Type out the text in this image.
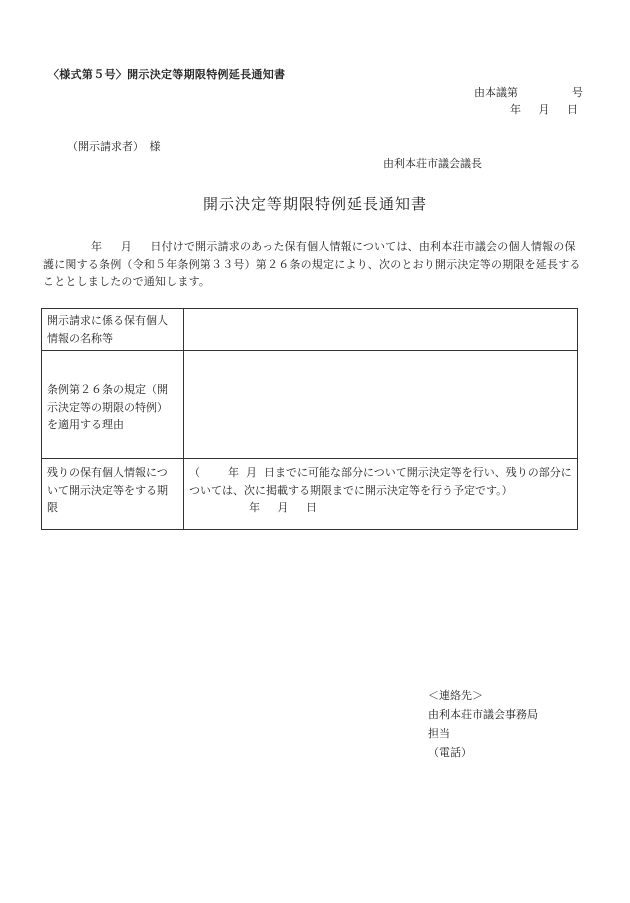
〈様式第５号〉開示決定等期限特例延長通知書
由本議第	号
年 月 日
（開示請求者）　様
由利本荘市議会議長
開示決定等期限特例延長通知書
年 月 日付けで開示請求のあった保有個人情報については、由利本荘市議会の個人情報の保護に関する条例（令和５年条例第３３号）第２６条の規定により、次のとおり開示決定等の期限を延長することとしましたので通知します。
開示請求に係る保有個人情報の名称等	
条例第２６条の規定（開示決定等の期限の特例）を適用する理由	
残りの保有個人情報について開示決定等をする期限	（ 年 月 日までに可能な部分について開示決定等を行い、残りの部分については、次に掲載する期限までに開示決定等を行う予定です。）
年 月 日
＜連絡先＞
由利本荘市議会事務局
担当
（電話）
